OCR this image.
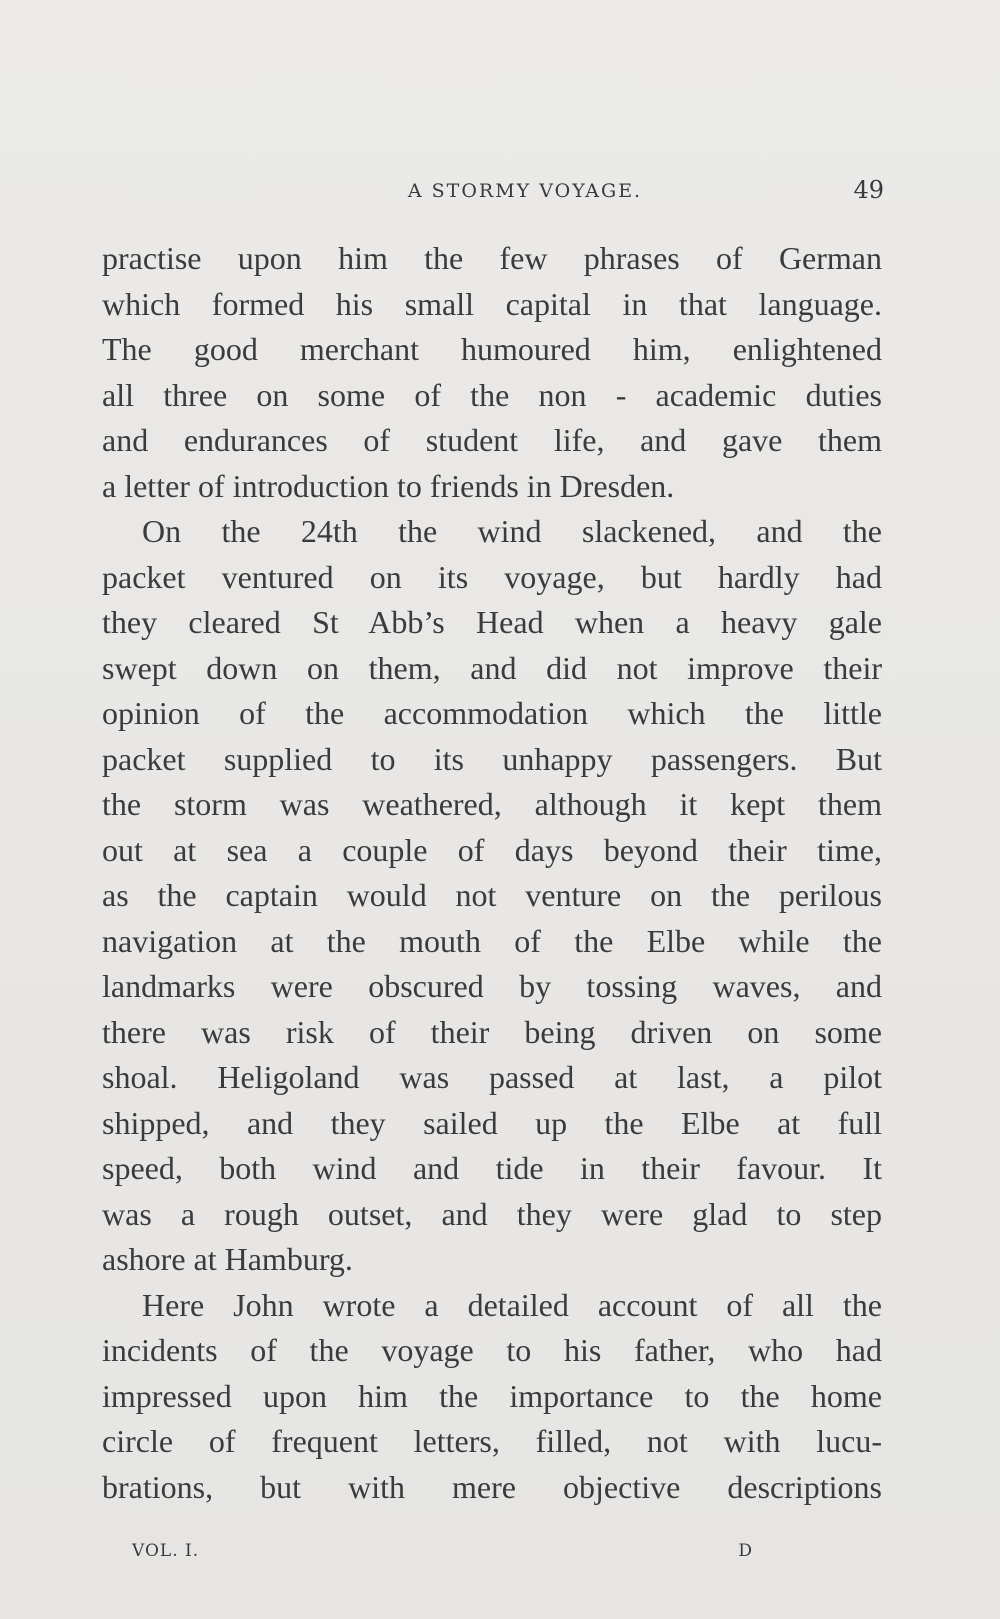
A STORMY VOYAGE.	49
practise upon him the few phrases of German
which formed his small capital in that language.
The good merchant humoured him, enlightened
all three on some of the non - academic duties
and endurances of student life, and gave them
a letter of introduction to friends in Dresden.
On the 24th the wind slackened, and the
packet ventured on its voyage, but hardly had
they cleared St Abb’s Head when a heavy gale
swept down on them, and did not improve their
opinion of the accommodation which the little
packet supplied to its unhappy passengers. But
the storm was weathered, although it kept them
out at sea a couple of days beyond their time,
as the captain would not venture on the perilous
navigation at the mouth of the Elbe while the
landmarks were obscured by tossing waves, and
there was risk of their being driven on some
shoal. Heligoland was passed at last, a pilot
shipped, and they sailed up the Elbe at full
speed, both wind and tide in their favour. It
was a rough outset, and they were glad to step
ashore at Hamburg.
Here John wrote a detailed account of all the
incidents of the voyage to his father, who had
impressed upon him the importance to the home
circle of frequent letters, filled, not with lucu-
brations, but with mere objective descriptions
VOL. I.	D
